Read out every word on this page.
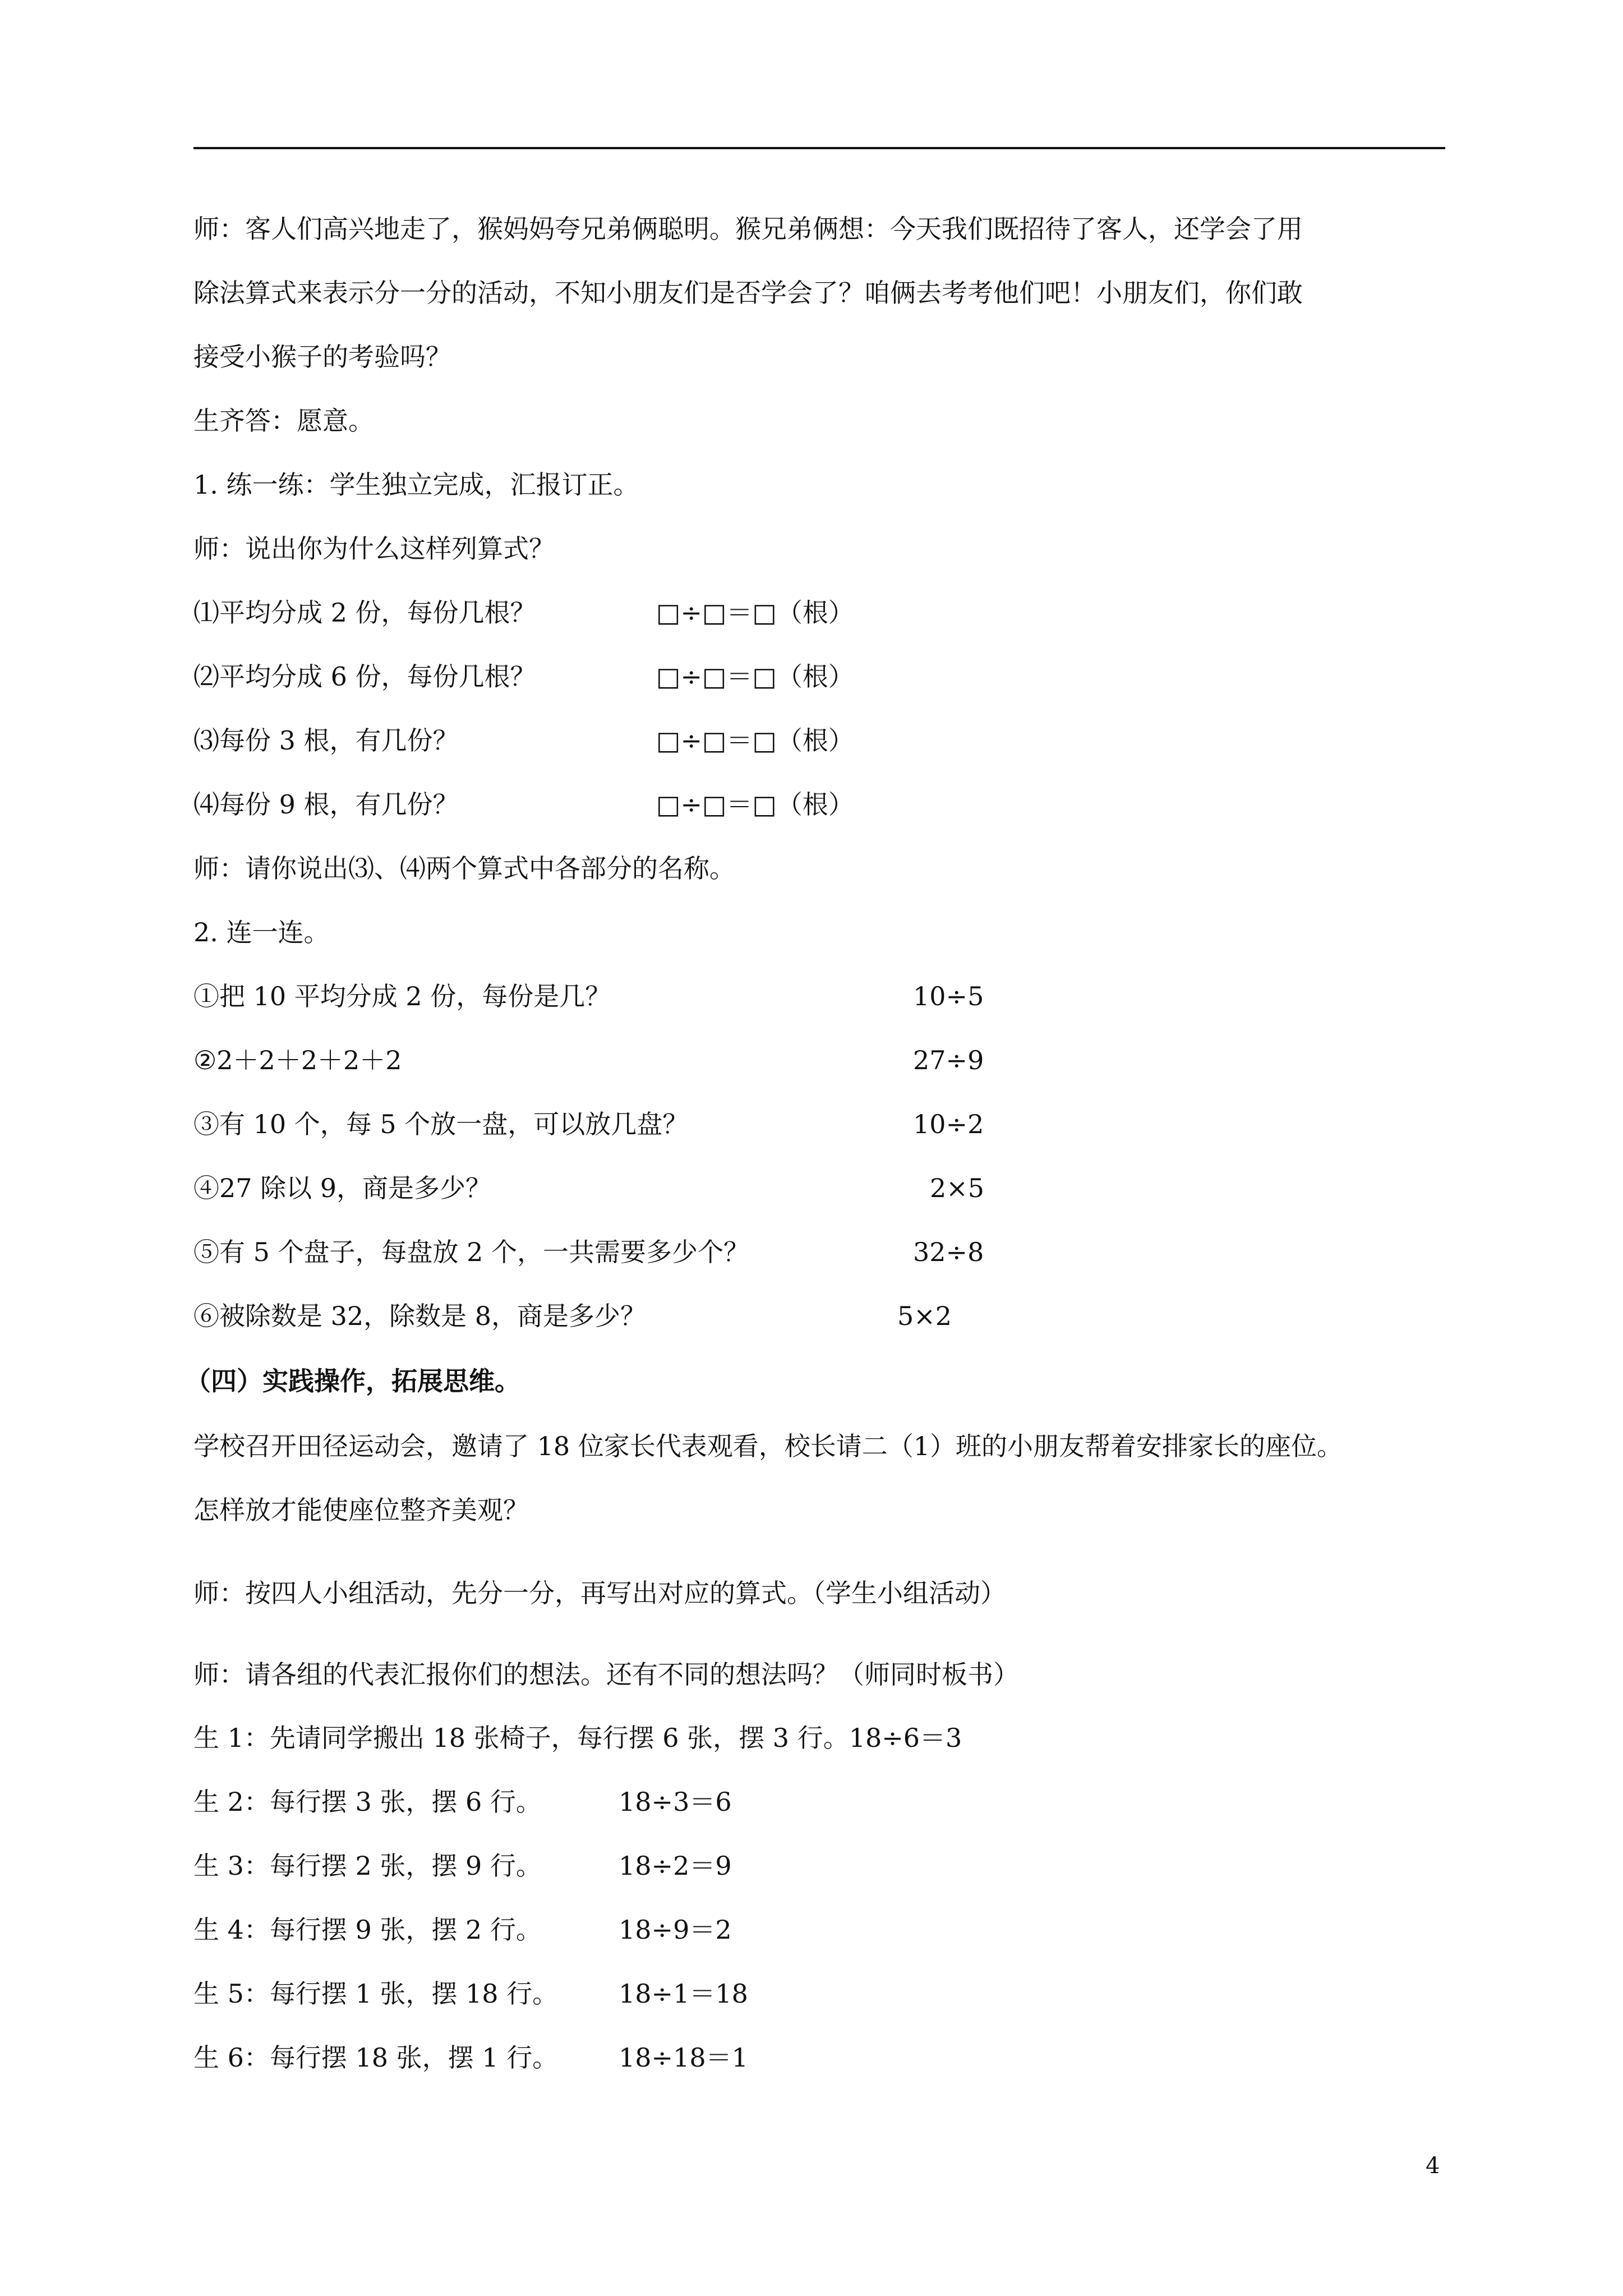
师：客人们高兴地走了，猴妈妈夸兄弟俩聪明。猴兄弟俩想：今天我们既招待了客人，还学会了用
除法算式来表示分一分的活动，不知小朋友们是否学会了？咱俩去考考他们吧！小朋友们，你们敢
接受小猴子的考验吗？
生齐答：愿意。
1. 练一练：学生独立完成，汇报订正。
师：说出你为什么这样列算式？
⑴平均分成 2 份，每份几根？	□÷□＝□（根）
⑵平均分成 6 份，每份几根？	□÷□＝□（根）
⑶每份 3 根，有几份？	□÷□＝□（根）
⑷每份 9 根，有几份？	□÷□＝□（根）
师：请你说出⑶、⑷两个算式中各部分的名称。
2. 连一连。
①把 10 平均分成 2 份，每份是几？	10÷5
②2＋2＋2＋2＋2	27÷9
③有 10 个，每 5 个放一盘，可以放几盘？	10÷2
④27 除以 9，商是多少？	2×5
⑤有 5 个盘子，每盘放 2 个，一共需要多少个？	32÷8
⑥被除数是 32，除数是 8，商是多少？	5×2
（四）实践操作，拓展思维。
学校召开田径运动会，邀请了 18 位家长代表观看，校长请二（1）班的小朋友帮着安排家长的座位。
怎样放才能使座位整齐美观？
师：按四人小组活动，先分一分，再写出对应的算式。（学生小组活动）
师：请各组的代表汇报你们的想法。还有不同的想法吗？（师同时板书）
生 1：先请同学搬出 18 张椅子，每行摆 6 张，摆 3 行。18÷6＝3
生 2：每行摆 3 张，摆 6 行。	18÷3＝6
生 3：每行摆 2 张，摆 9 行。	18÷2＝9
生 4：每行摆 9 张，摆 2 行。	18÷9＝2
生 5：每行摆 1 张，摆 18 行。 18÷1＝18
生 6：每行摆 18 张，摆 1 行。 18÷18＝1
4
